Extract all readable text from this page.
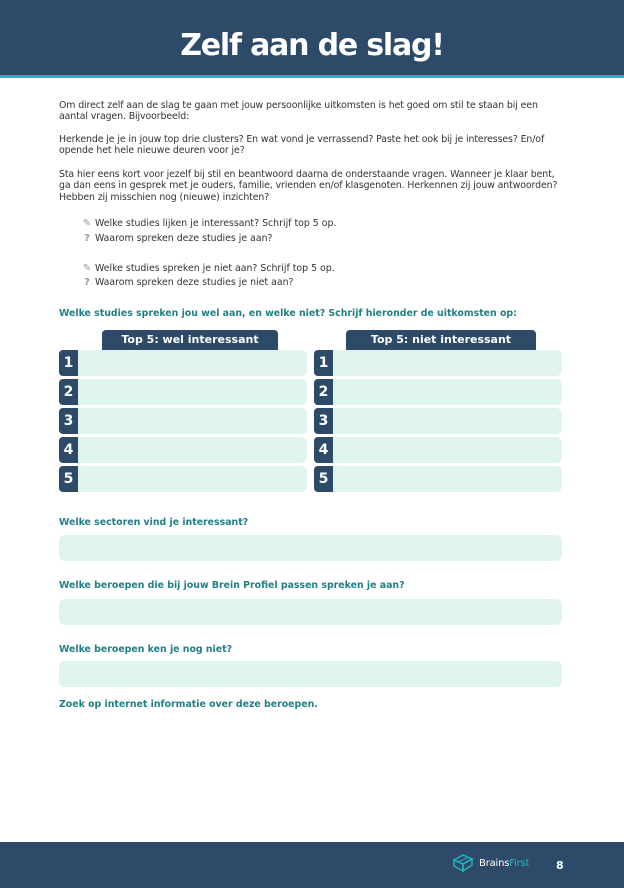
Zelf aan de slag!

Om direct zelf aan de slag te gaan met jouw persoonlijke uitkomsten is het goed om stil te staan bij een aantal vragen. Bijvoorbeeld:

Herkende je je in jouw top drie clusters? En wat vond je verrassend? Paste het ook bij je interesses? En/of opende het hele nieuwe deuren voor je?

Sta hier eens kort voor jezelf bij stil en beantwoord daarna de onderstaande vragen. Wanneer je klaar bent, ga dan eens in gesprek met je ouders, familie, vrienden en/of klasgenoten. Herkennen zij jouw antwoorden? Hebben zij misschien nog (nieuwe) inzichten?

✎ Welke studies lijken je interessant? Schrijf top 5 op.
? Waarom spreken deze studies je aan?
✎ Welke studies spreken je niet aan? Schrijf top 5 op.
? Waarom spreken deze studies je niet aan?
Welke studies spreken jou wel aan, en welke niet? Schrijf hieronder de uitkomsten op:
Top 5: wel interessant	Top 5: niet interessant
1
2
3
4
5
1
2
3
4
5
Welke sectoren vind je interessant?
Welke beroepen die bij jouw Brein Profiel passen spreken je aan?
Welke beroepen ken je nog niet?
Zoek op internet informatie over deze beroepen.
BrainsFirst 8
